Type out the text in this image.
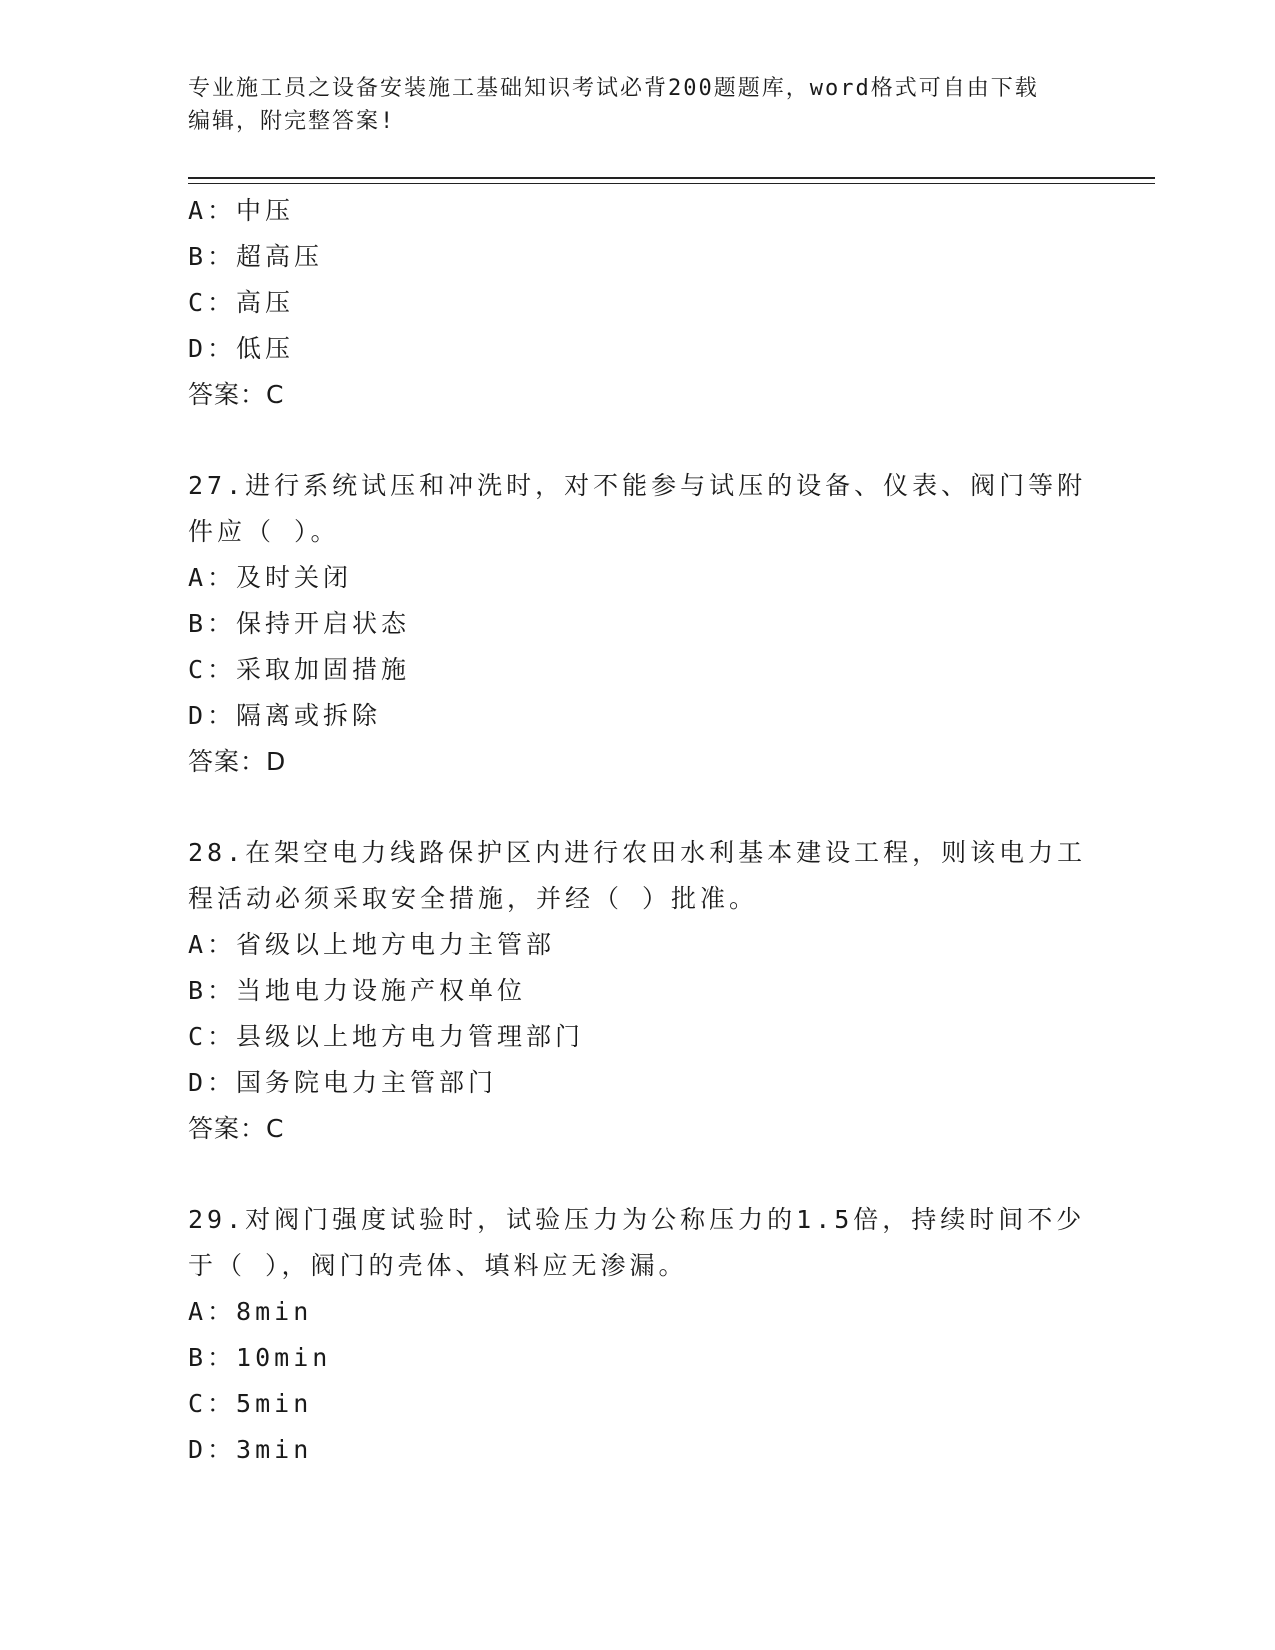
专业施工员之设备安装施工基础知识考试必背200题题库，word格式可自由下载
编辑，附完整答案!
A：中压
B：超高压
C：高压
D：低压
答案：C
27.进行系统试压和冲洗时，对不能参与试压的设备、仪表、阀门等附
件应（ ）。
A：及时关闭
B：保持开启状态
C：采取加固措施
D：隔离或拆除
答案：D
28.在架空电力线路保护区内进行农田水利基本建设工程，则该电力工
程活动必须采取安全措施，并经（ ）批准。
A：省级以上地方电力主管部
B：当地电力设施产权单位
C：县级以上地方电力管理部门
D：国务院电力主管部门
答案：C
29.对阀门强度试验时，试验压力为公称压力的1.5倍，持续时间不少
于（ ），阀门的壳体、填料应无渗漏。
A：8min
B：10min
C：5min
D：3min
